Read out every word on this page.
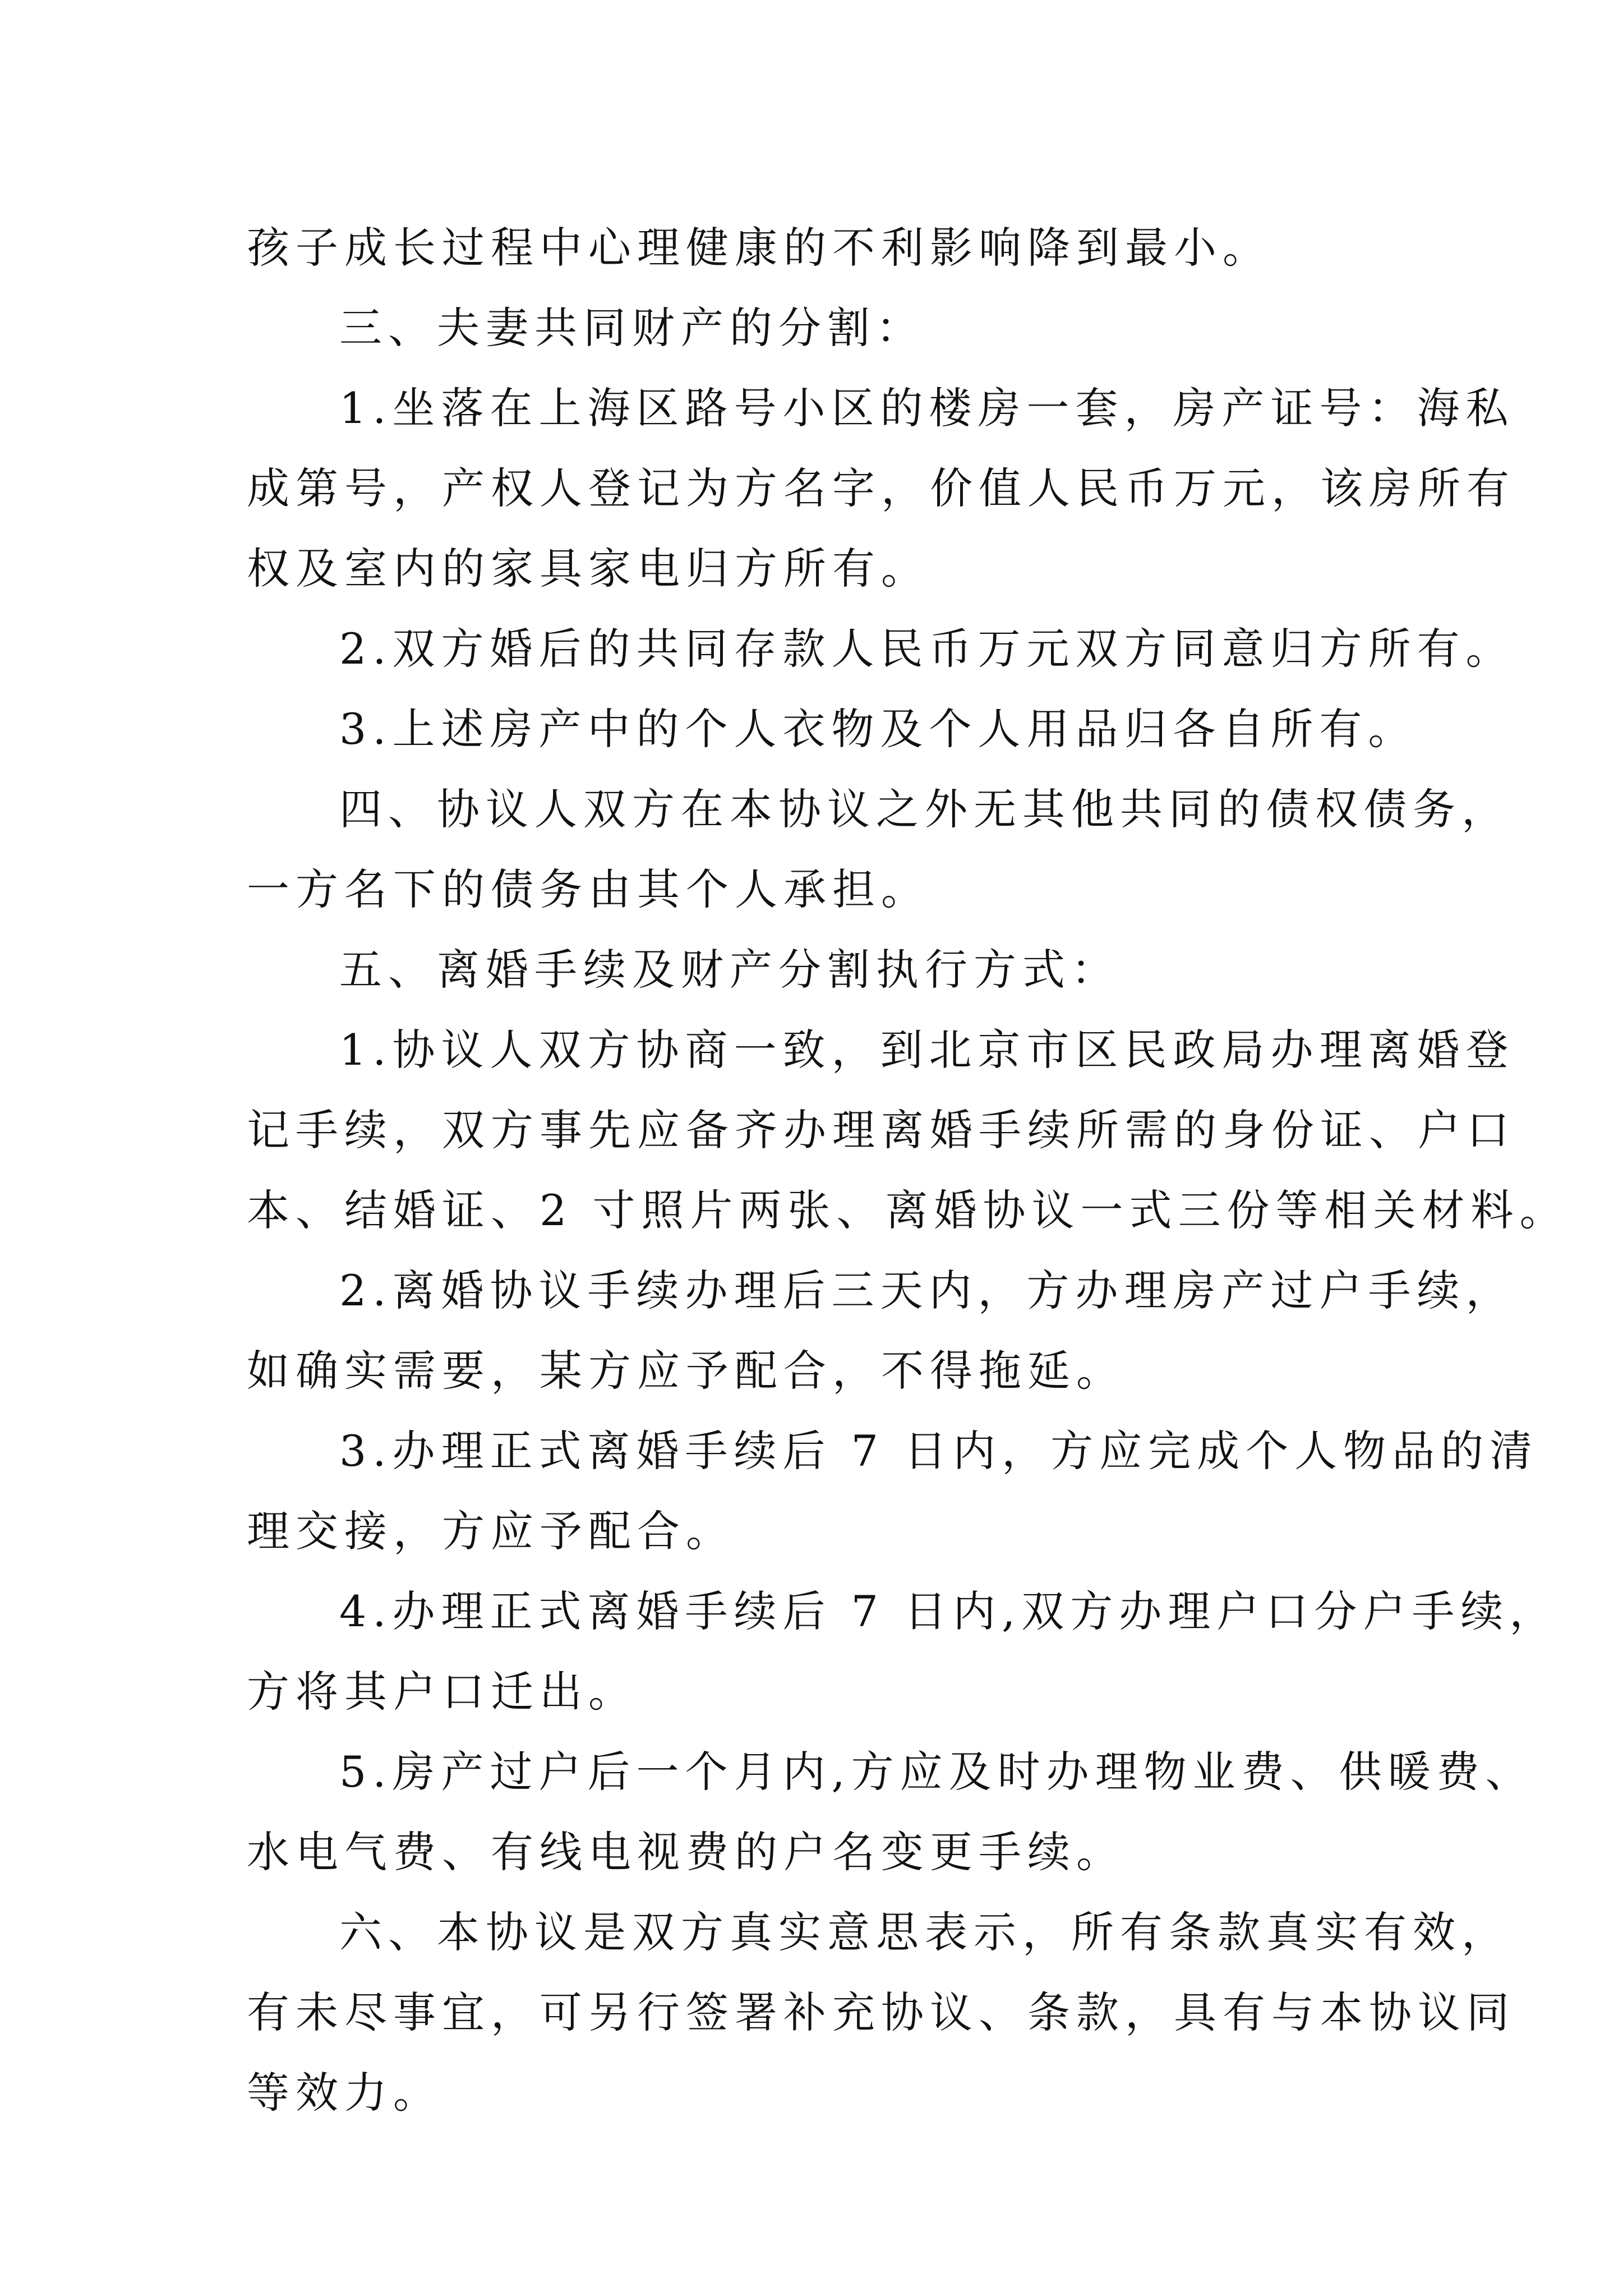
孩子成长过程中心理健康的不利影响降到最小。
三、夫妻共同财产的分割：
1.坐落在上海区路号小区的楼房一套，房产证号：海私
成第号，产权人登记为方名字，价值人民币万元，该房所有
权及室内的家具家电归方所有。
2.双方婚后的共同存款人民币万元双方同意归方所有。
3.上述房产中的个人衣物及个人用品归各自所有。
四、协议人双方在本协议之外无其他共同的债权债务，
一方名下的债务由其个人承担。
五、离婚手续及财产分割执行方式：
1.协议人双方协商一致，到北京市区民政局办理离婚登
记手续，双方事先应备齐办理离婚手续所需的身份证、户口
本、结婚证、2 寸照片两张、离婚协议一式三份等相关材料。
2.离婚协议手续办理后三天内，方办理房产过户手续，
如确实需要，某方应予配合，不得拖延。
3.办理正式离婚手续后 7 日内，方应完成个人物品的清
理交接，方应予配合。
4.办理正式离婚手续后 7 日内,双方办理户口分户手续，
方将其户口迁出。
5.房产过户后一个月内,方应及时办理物业费、供暖费、
水电气费、有线电视费的户名变更手续。
六、本协议是双方真实意思表示，所有条款真实有效，
有未尽事宜，可另行签署补充协议、条款，具有与本协议同
等效力。
